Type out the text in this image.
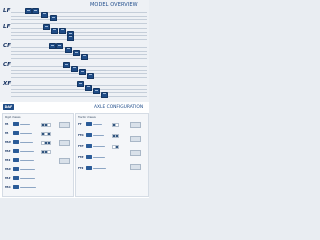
MODEL OVERVIEW
LF
LF
CF
CF
XF
DAF	AXLE CONFIGURATION
Rigid chassis
FA
FA
FAN
FAR
FAS
FAD
FAX
FAG
Tractor chassis
FT
FTG
FTP
FTR
FTS
